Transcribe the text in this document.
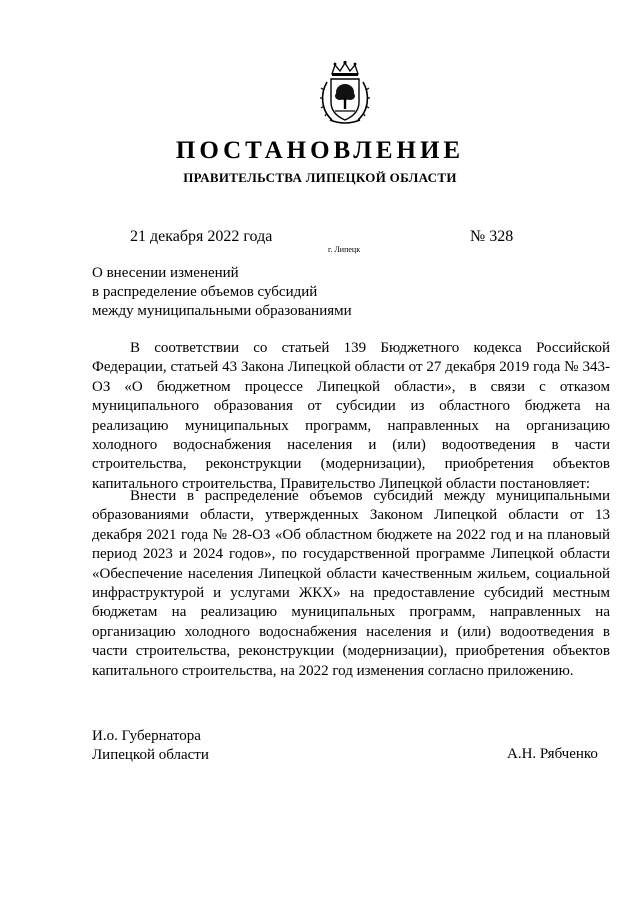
ПОСТАНОВЛЕНИЕ
ПРАВИТЕЛЬСТВА ЛИПЕЦКОЙ ОБЛАСТИ
21 декабря 2022 года
г. Липецк
№ 328
О внесении изменений
в распределение объемов субсидий
между муниципальными образованиями
В соответствии со статьей 139 Бюджетного кодекса Российской Федерации, статьей 43 Закона Липецкой области от 27 декабря 2019 года № 343-ОЗ «О бюджетном процессе Липецкой области», в связи с отказом муниципального образования от субсидии из областного бюджета на реализацию муниципальных программ, направленных на организацию холодного водоснабжения населения и (или) водоотведения в части строительства, реконструкции (модернизации), приобретения объектов капитального строительства, Правительство Липецкой области постановляет:
Внести в распределение объемов субсидий между муниципальными образованиями области, утвержденных Законом Липецкой области от 13 декабря 2021 года № 28-ОЗ «Об областном бюджете на 2022 год и на плановый период 2023 и 2024 годов», по государственной программе Липецкой области «Обеспечение населения Липецкой области качественным жильем, социальной инфраструктурой и услугами ЖКХ» на предоставление субсидий местным бюджетам на реализацию муниципальных программ, направленных на организацию холодного водоснабжения населения и (или) водоотведения в части строительства, реконструкции (модернизации), приобретения объектов капитального строительства, на 2022 год изменения согласно приложению.
И.о. Губернатора
Липецкой области	А.Н. Рябченко
